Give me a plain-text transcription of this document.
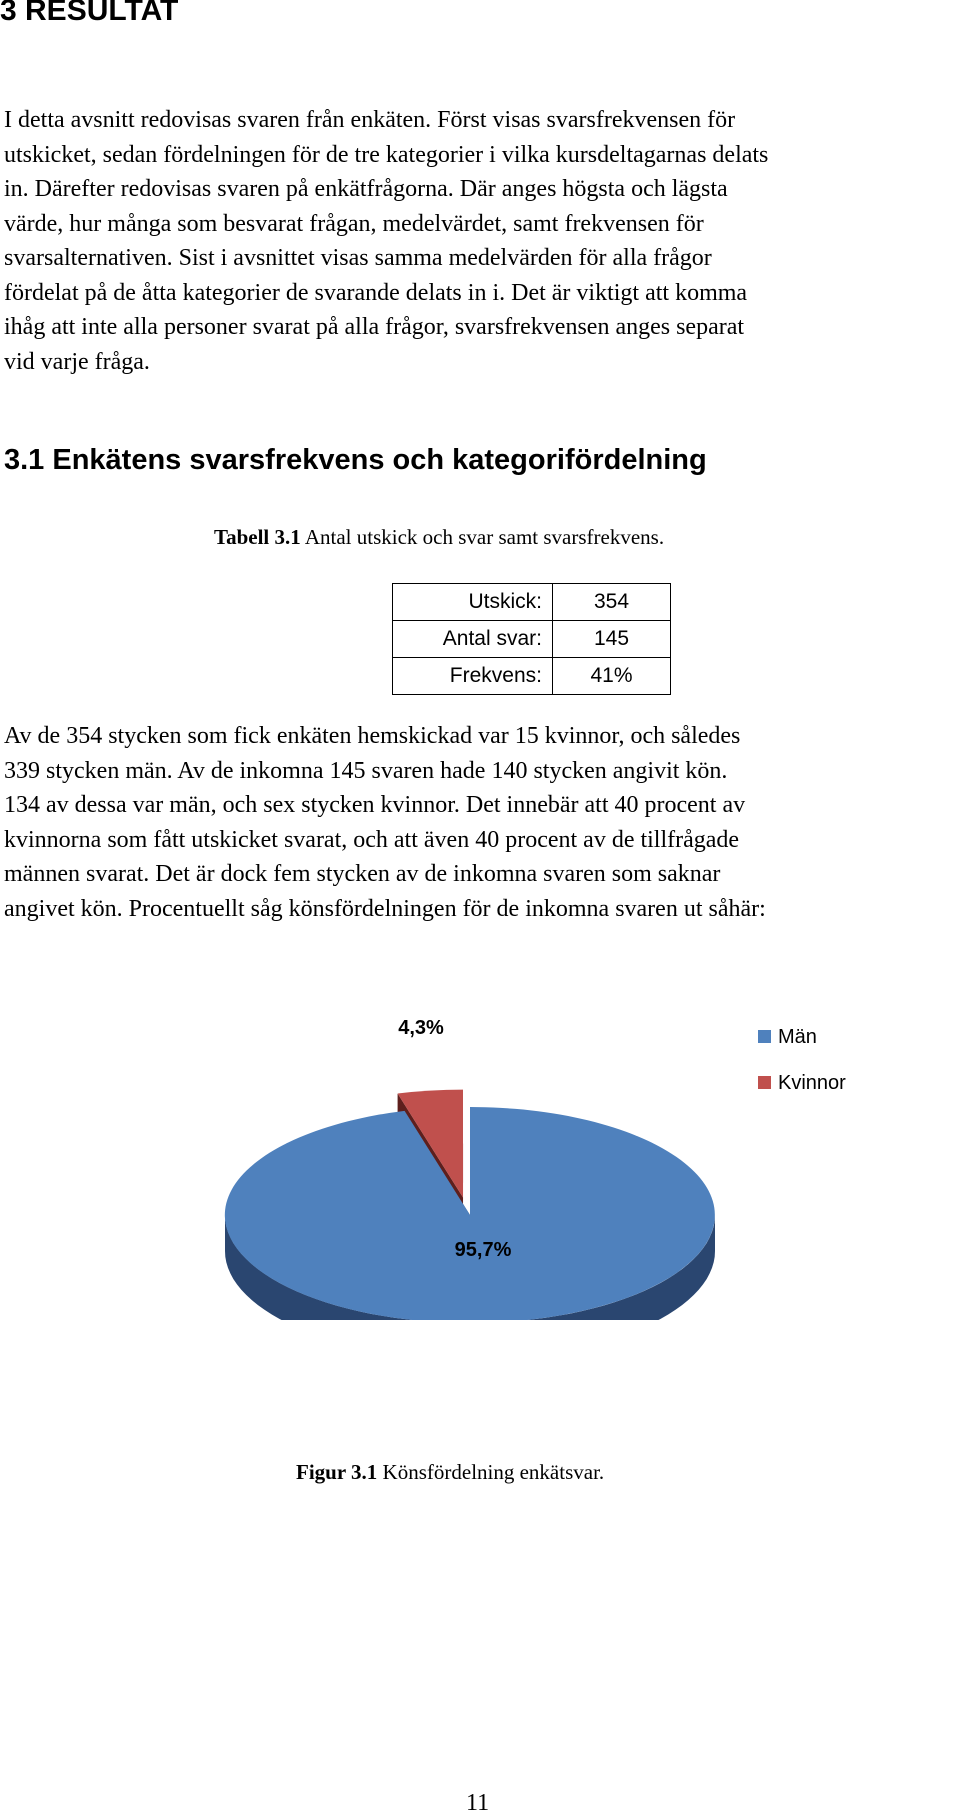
3 RESULTAT

I detta avsnitt redovisas svaren från enkäten. Först visas svarsfrekvensen för
utskicket, sedan fördelningen för de tre kategorier i vilka kursdeltagarnas delats
in. Därefter redovisas svaren på enkätfrågorna. Där anges högsta och lägsta
värde, hur många som besvarat frågan, medelvärdet, samt frekvensen för
svarsalternativen. Sist i avsnittet visas samma medelvärden för alla frågor
fördelat på de åtta kategorier de svarande delats in i. Det är viktigt att komma
ihåg att inte alla personer svarat på alla frågor, svarsfrekvensen anges separat
vid varje fråga.

3.1 Enkätens svarsfrekvens och kategorifördelning
Tabell 3.1 Antal utskick och svar samt svarsfrekvens.
Utskick:	354
Antal svar:	145
Frekvens:	41%

Av de 354 stycken som fick enkäten hemskickad var 15 kvinnor, och således
339 stycken män. Av de inkomna 145 svaren hade 140 stycken angivit kön.
134 av dessa var män, och sex stycken kvinnor. Det innebär att 40 procent av
kvinnorna som fått utskicket svarat, och att även 40 procent av de tillfrågade
männen svarat. Det är dock fem stycken av de inkomna svaren som saknar
angivet kön. Procentuellt såg könsfördelningen för de inkomna svaren ut såhär:

95,7%
4,3%	Män
Kvinnor
Figur 3.1 Könsfördelning enkätsvar.
11
